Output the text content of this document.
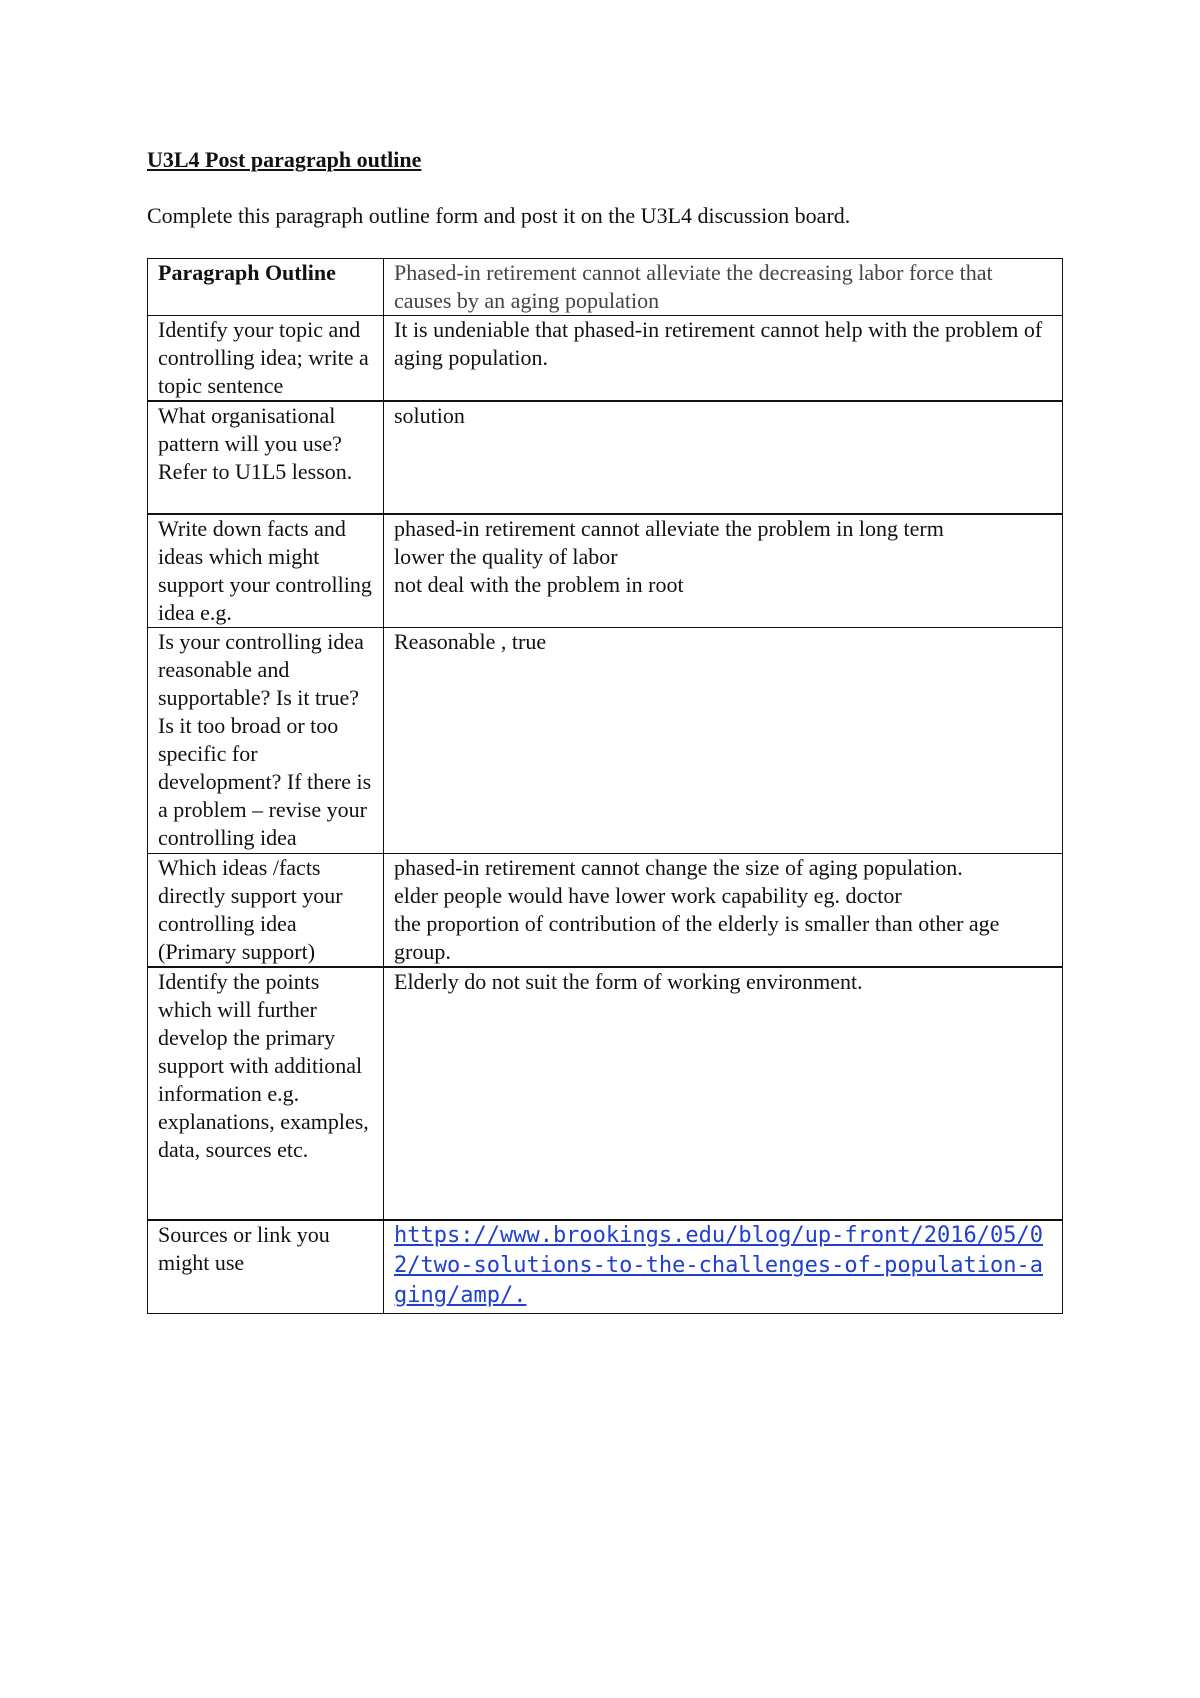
U3L4 Post paragraph outline

Complete this paragraph outline form and post it on the U3L4 discussion board.

Paragraph Outline	Phased-in retirement cannot alleviate the decreasing labor force that causes by an aging population
Identify your topic and controlling idea; write a topic sentence	It is undeniable that phased-in retirement cannot help with the problem of aging population.
What organisational pattern will you use? Refer to U1L5 lesson.	solution
Write down facts and ideas which might support your controlling idea e.g.	phased-in retirement cannot alleviate the problem in long term
lower the quality of labor
not deal with the problem in root
Is your controlling idea reasonable and supportable? Is it true? Is it too broad or too specific for development? If there is a problem – revise your controlling idea	Reasonable , true
Which ideas /facts directly support your controlling idea (Primary support)	phased-in retirement cannot change the size of aging population.
elder people would have lower work capability eg. doctor
the proportion of contribution of the elderly is smaller than other age group.
Identify the points which will further develop the primary support with additional information e.g. explanations, examples, data, sources etc.	Elderly do not suit the form of working environment.
Sources or link you might use	https://www.brookings.edu/blog/up-front/2016/05/02/two-solutions-to-the-challenges-of-population-aging/amp/.
